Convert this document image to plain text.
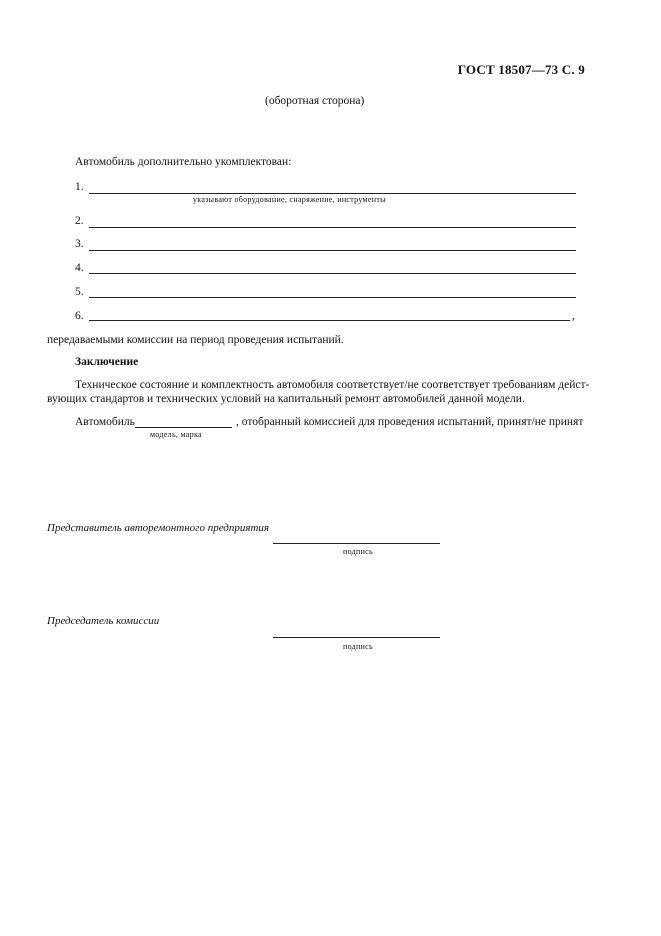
ГОСТ 18507—73 С. 9
(оборотная сторона)
Автомобиль дополнительно укомплектован:
1.
указывают оборудование, снаряжение, инструменты
2.
3.
4.
5.
6.	,
передаваемыми комиссии на период проведения испытаний.
Заключение
Техническое состояние и комплектность автомобиля соответствует/не соответствует требованиям дейст-
вующих стандартов и технических условий на капитальный ремонт автомобилей данной модели.
Автомобиль	, отобранный комиссией для проведения испытаний, принят/не принят
модель, марка
Представитель авторемонтного предприятия
подпись
Председатель комиссии
подпись
